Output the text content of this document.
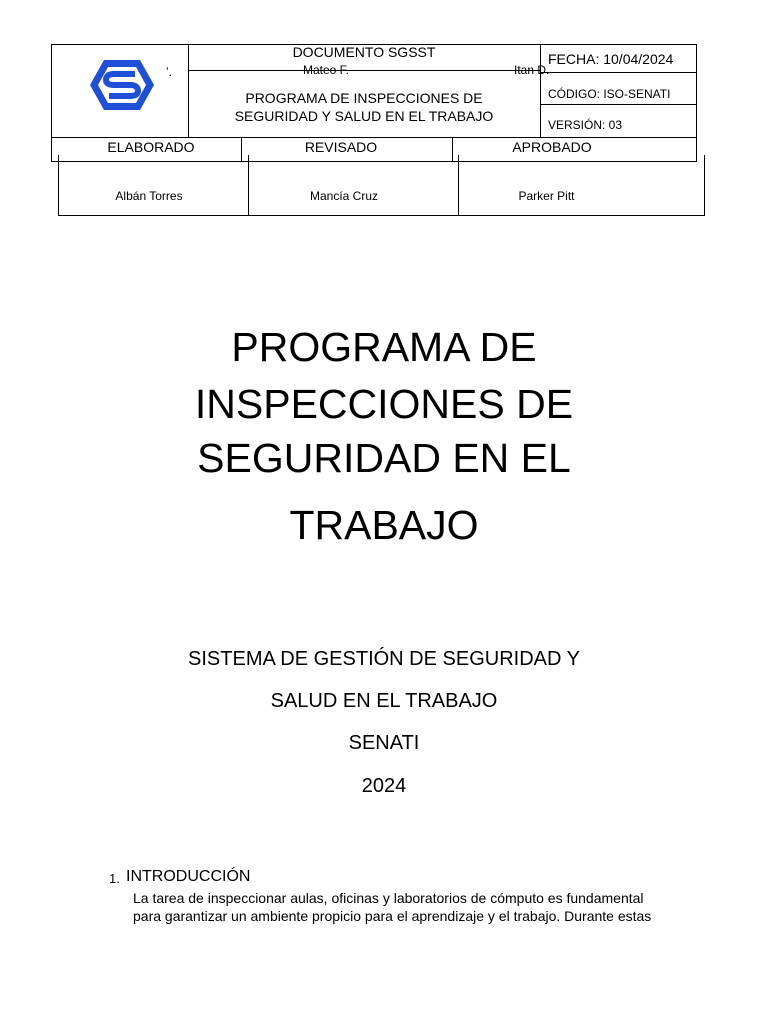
ʼ.
DOCUMENTO SGSST
Mateo F.	Itan D.
PROGRAMA DE INSPECCIONES DE
SEGURIDAD Y SALUD EN EL TRABAJO
FECHA: 10/04/2024
CÓDIGO: ISO-SENATI
VERSIÓN: 03
ELABORADO	REVISADO	APROBADO
Albán Torres	Mancía Cruz	Parker Pitt
PROGRAMA DE
INSPECCIONES DE
SEGURIDAD EN EL
TRABAJO
SISTEMA DE GESTIÓN DE SEGURIDAD Y
SALUD EN EL TRABAJO
SENATI
2024
1. INTRODUCCIÓN
La tarea de inspeccionar aulas, oficinas y laboratorios de cómputo es fundamental
para garantizar un ambiente propicio para el aprendizaje y el trabajo. Durante estas
